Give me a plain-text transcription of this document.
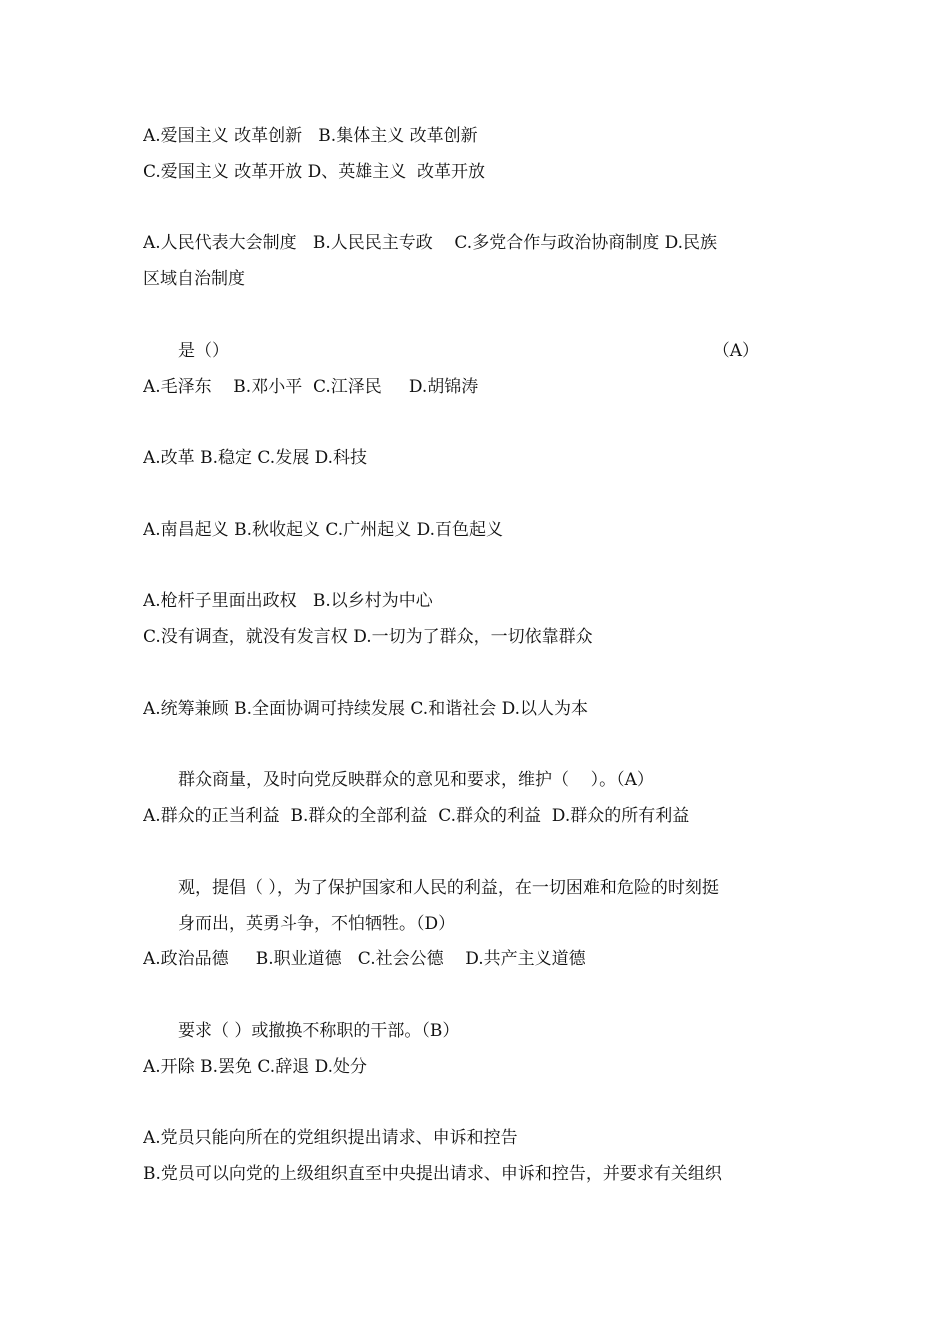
A.爱国主义 改革创新   B.集体主义 改革创新
C.爱国主义 改革开放 D、英雄主义  改革开放

A.人民代表大会制度   B.人民民主专政    C.多党合作与政治协商制度 D.民族
区域自治制度

是（）	（A）
A.毛泽东    B.邓小平  C.江泽民     D.胡锦涛

A.改革 B.稳定 C.发展 D.科技

A.南昌起义 B.秋收起义 C.广州起义 D.百色起义

A.枪杆子里面出政权   B.以乡村为中心
C.没有调查，就没有发言权 D.一切为了群众，一切依靠群众

A.统筹兼顾 B.全面协调可持续发展 C.和谐社会 D.以人为本

群众商量，及时向党反映群众的意见和要求，维护（    ）。（A）
A.群众的正当利益  B.群众的全部利益  C.群众的利益  D.群众的所有利益

观，提倡（ ），为了保护国家和人民的利益，在一切困难和危险的时刻挺
身而出，英勇斗争，不怕牺牲。（D）
A.政治品德     B.职业道德   C.社会公德    D.共产主义道德

要求（ ）或撤换不称职的干部。（B）
A.开除 B.罢免 C.辞退 D.处分

A.党员只能向所在的党组织提出请求、申诉和控告
B.党员可以向党的上级组织直至中央提出请求、申诉和控告，并要求有关组织
